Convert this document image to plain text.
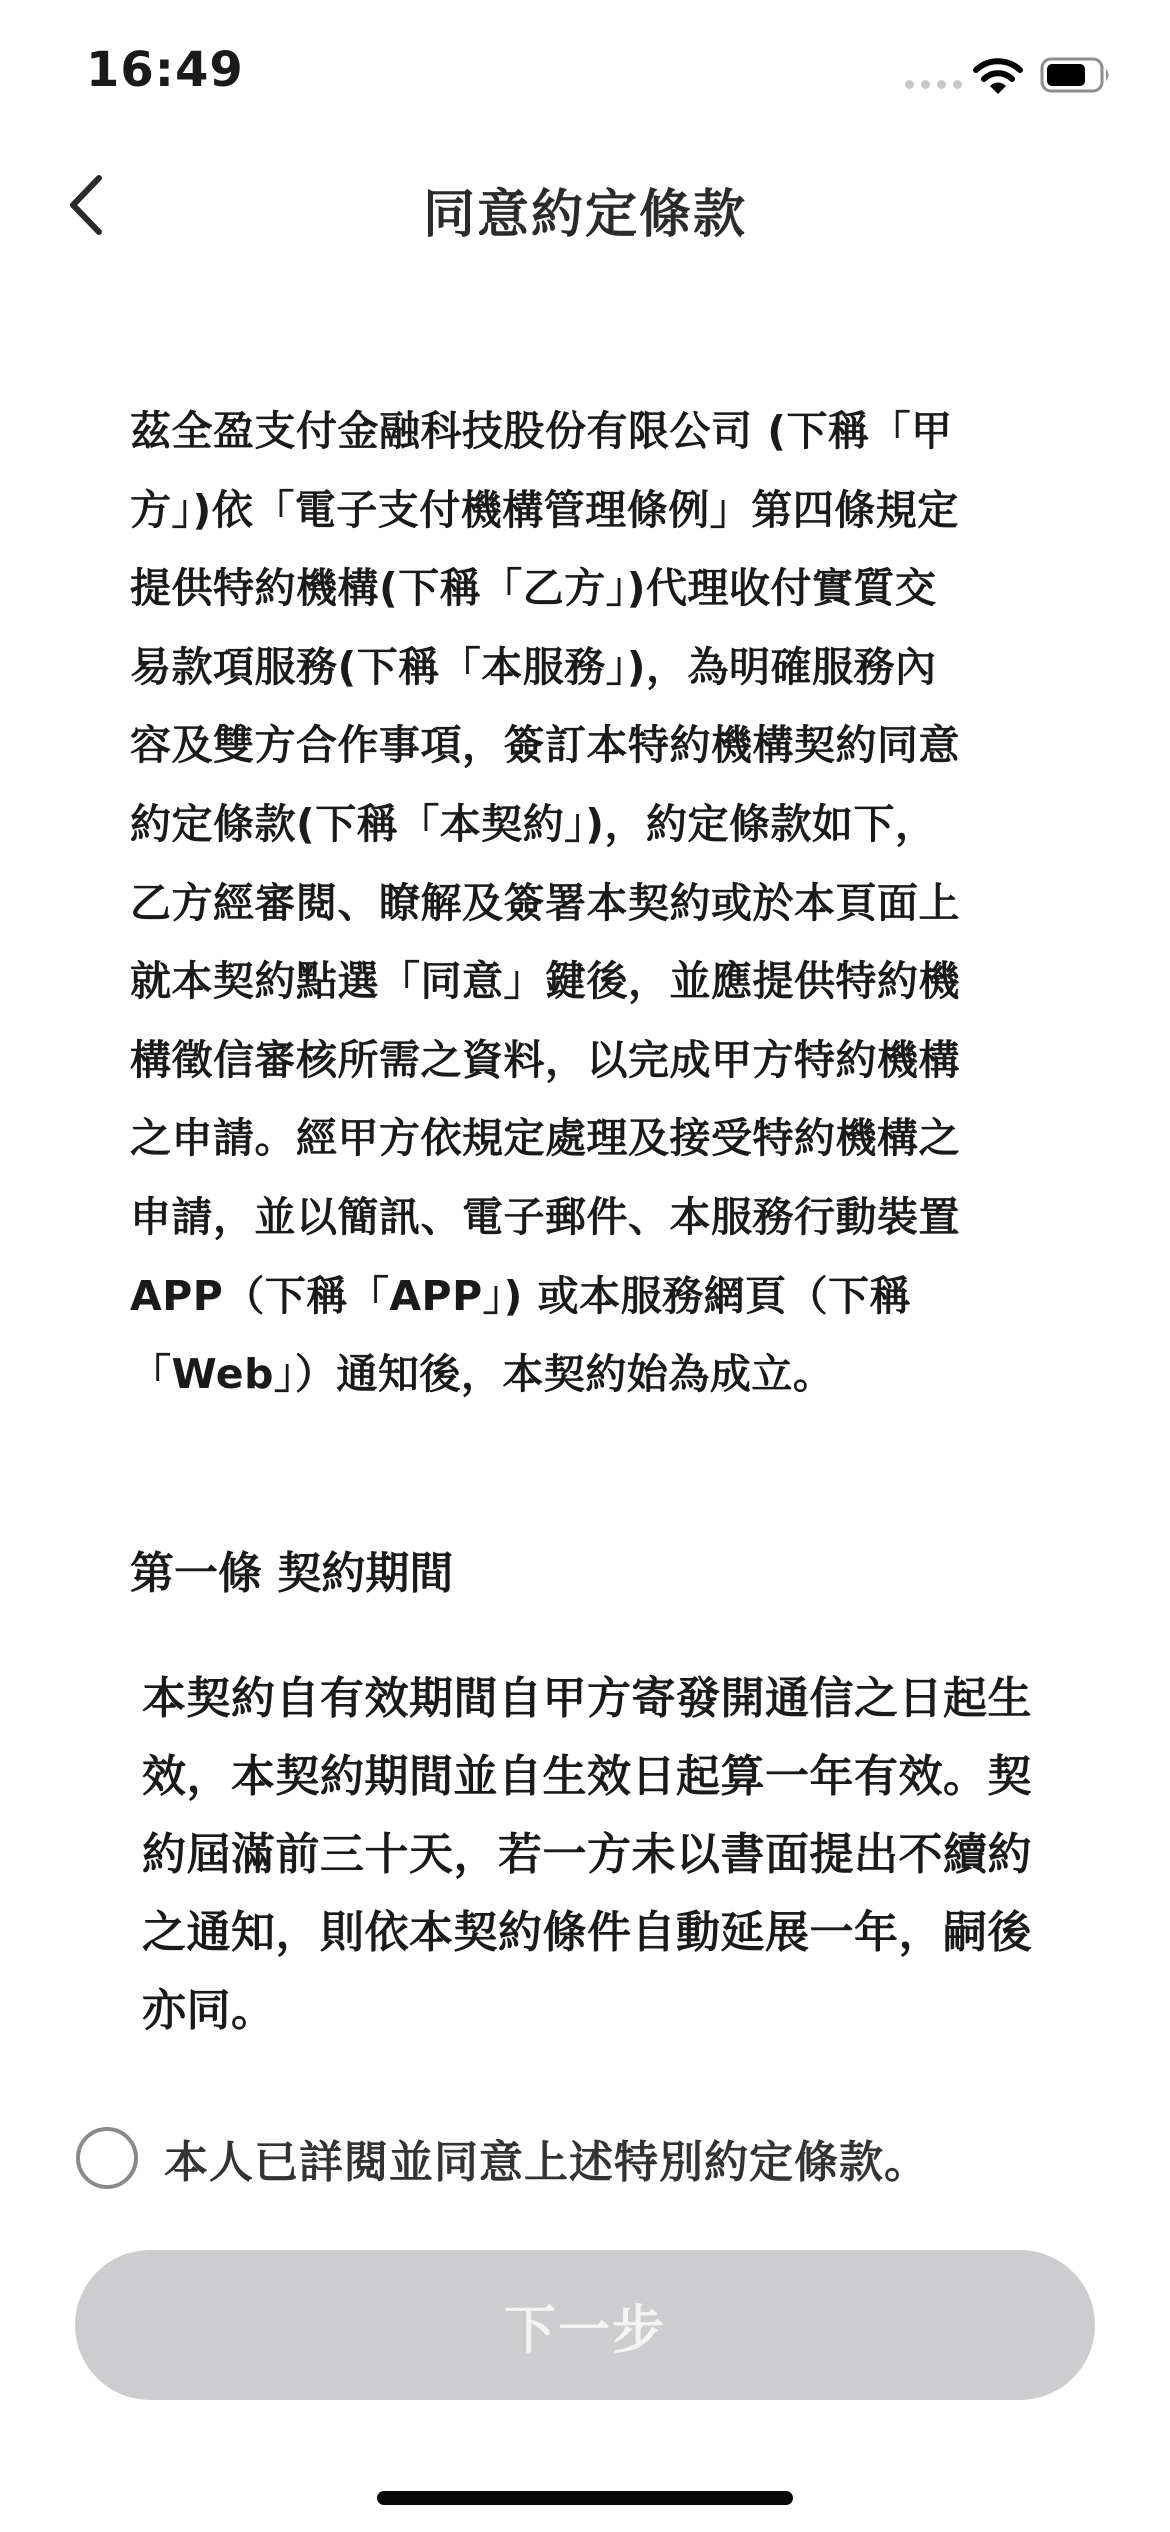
16:49
同意約定條款

茲全盈支付金融科技股份有限公司 (下稱「甲
方」)依「電子支付機構管理條例」第四條規定
提供特約機構(下稱「乙方」)代理收付實質交
易款項服務(下稱「本服務」)，為明確服務內
容及雙方合作事項，簽訂本特約機構契約同意
約定條款(下稱「本契約」)，約定條款如下，
乙方經審閱、瞭解及簽署本契約或於本頁面上
就本契約點選「同意」鍵後，並應提供特約機
構徵信審核所需之資料，以完成甲方特約機構
之申請。經甲方依規定處理及接受特約機構之
申請，並以簡訊、電子郵件、本服務行動裝置
APP（下稱「APP」) 或本服務網頁（下稱
「Web」）通知後，本契約始為成立。

第一條 契約期間

本契約自有效期間自甲方寄發開通信之日起生
效，本契約期間並自生效日起算一年有效。契
約屆滿前三十天，若一方未以書面提出不續約
之通知，則依本契約條件自動延展一年，嗣後
亦同。

本人已詳閱並同意上述特別約定條款。
下一步
